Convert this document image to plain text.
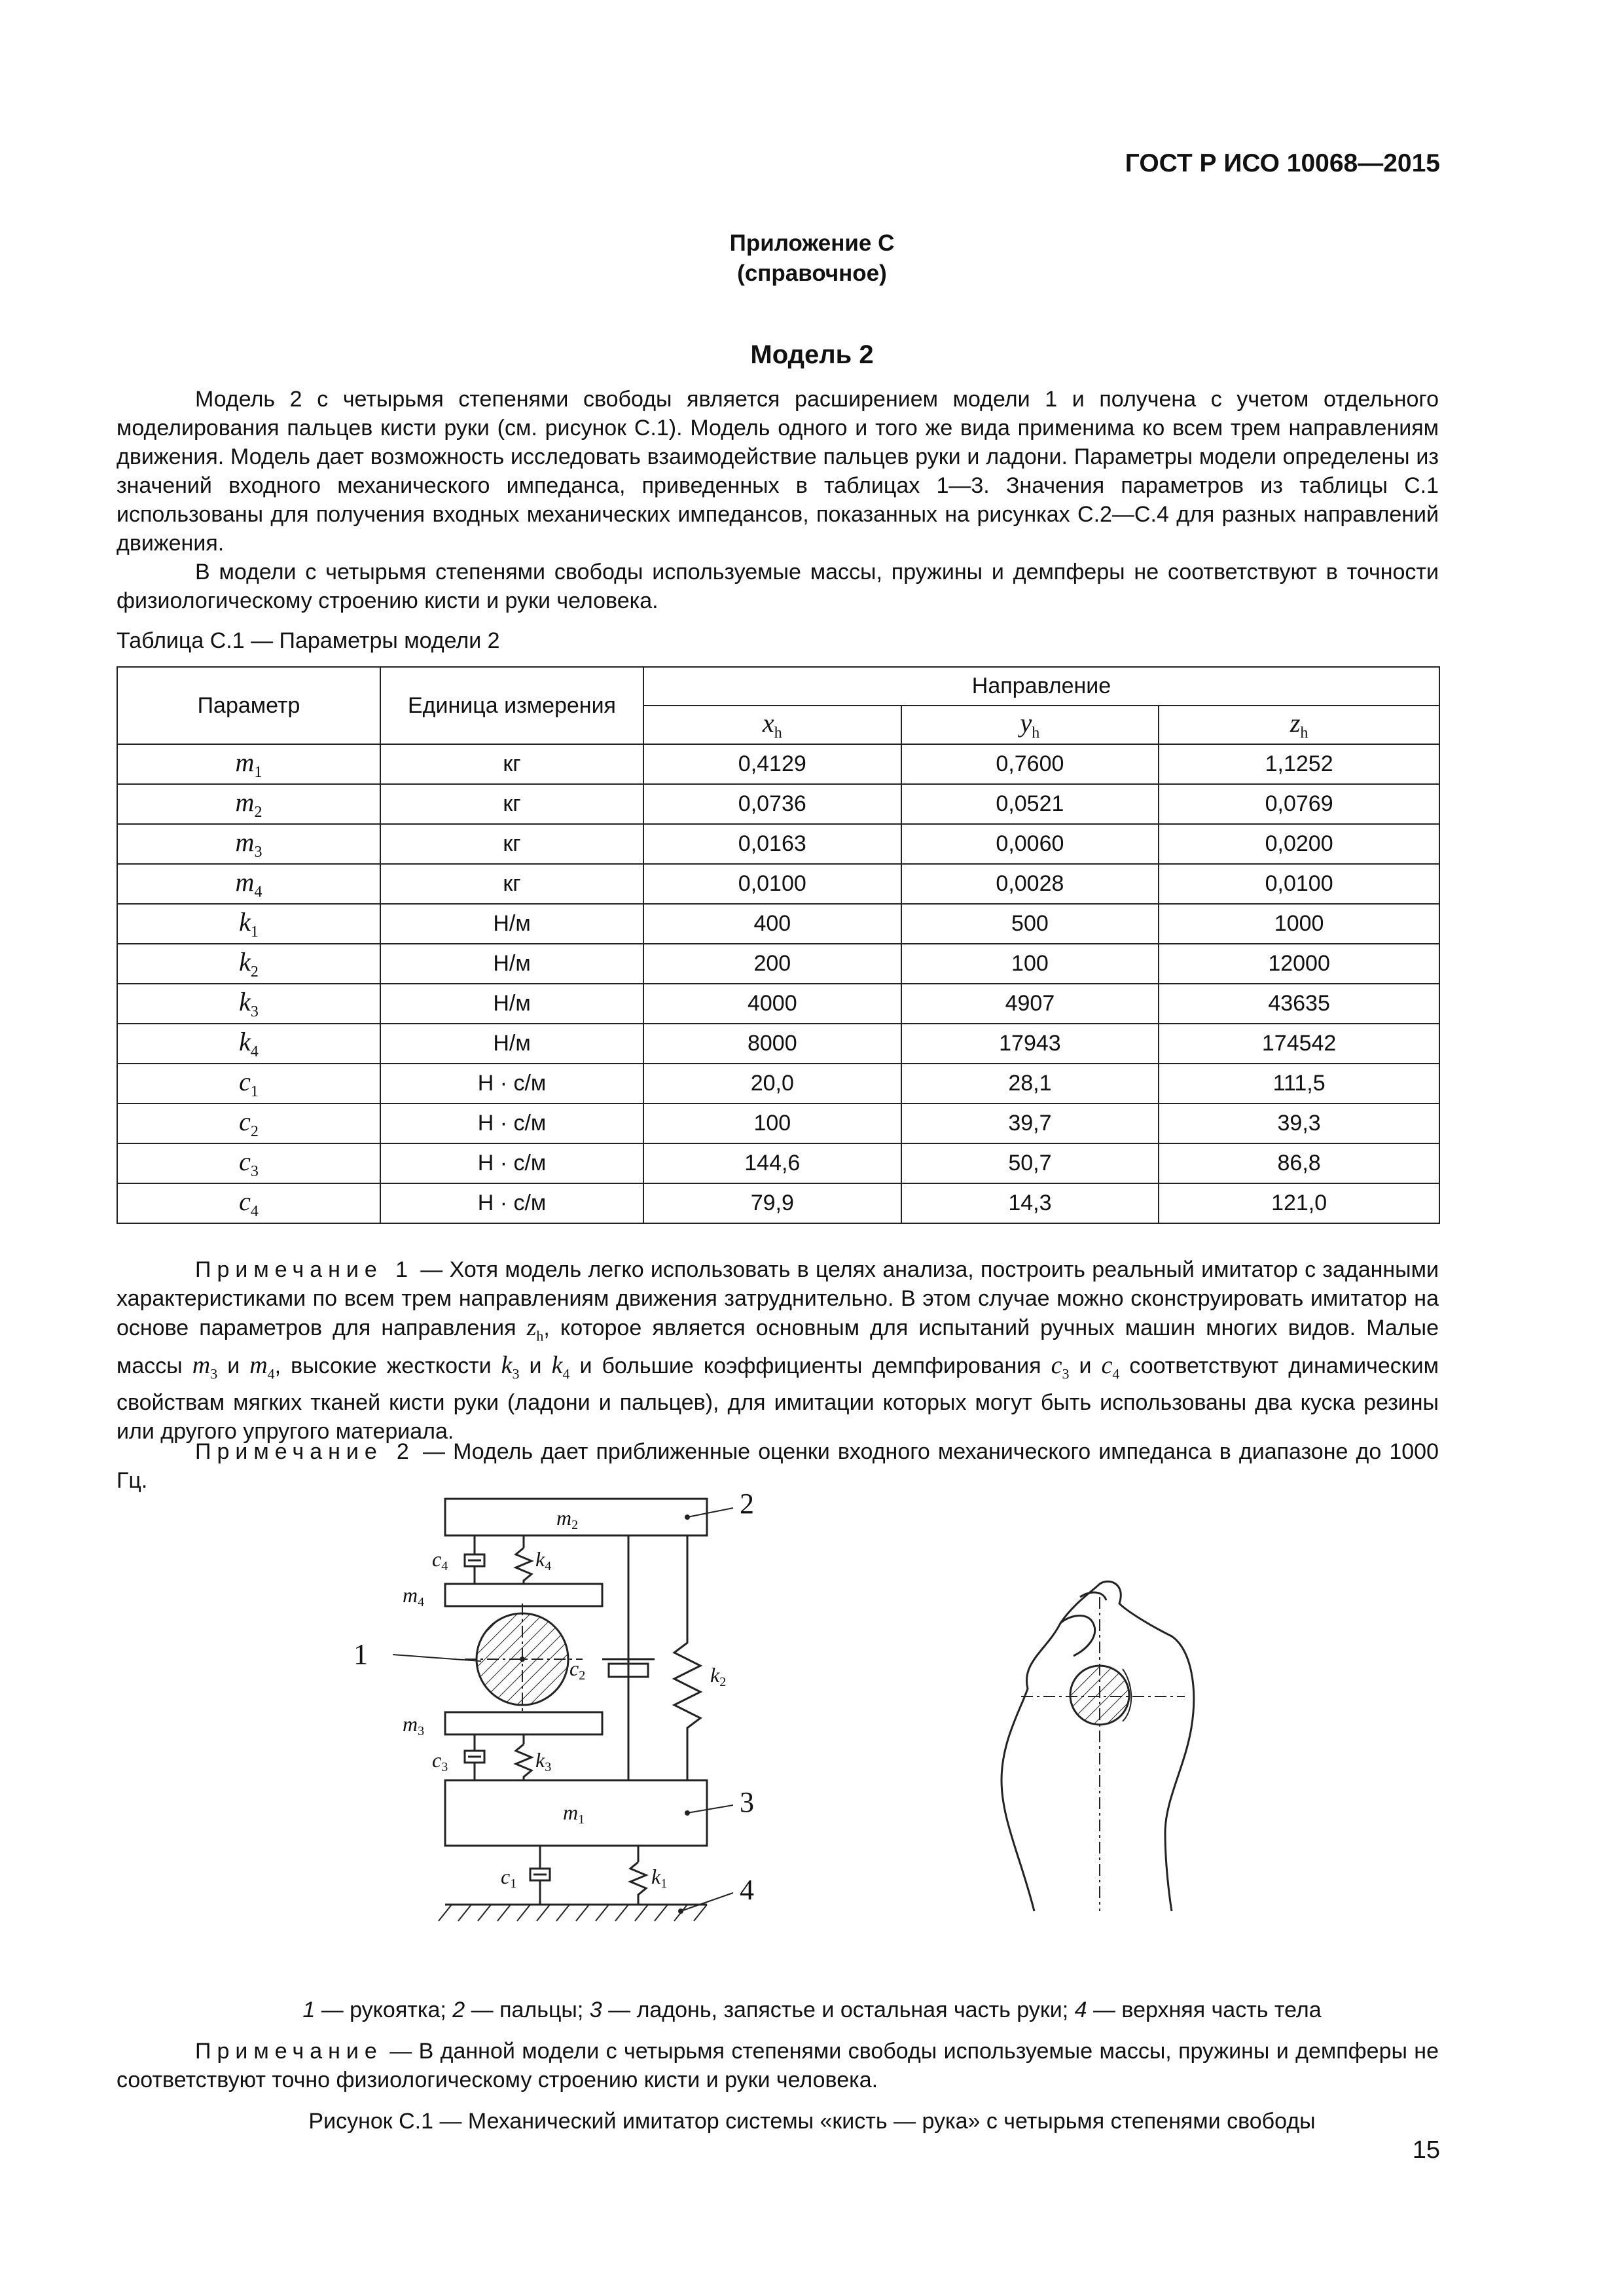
ГОСТ Р ИСО 10068—2015
Приложение С
(справочное)
Модель 2
Модель 2 с четырьмя степенями свободы является расширением модели 1 и получена с учетом отдельного моделирования пальцев кисти руки (см. рисунок С.1). Модель одного и того же вида применима ко всем трем направлениям движения. Модель дает возможность исследовать взаимодействие пальцев руки и ладони. Параметры модели определены из значений входного механического импеданса, приведенных в таблицах 1—3. Значения параметров из таблицы С.1 использованы для получения входных механических импедансов, показанных на рисунках С.2—С.4 для разных направлений движения.
В модели с четырьмя степенями свободы используемые массы, пружины и демпферы не соответствуют в точности физиологическому строению кисти и руки человека.
Таблица С.1 — Параметры модели 2
Параметр	Единица измерения	Направление		
		$x_h$	$y_h$	$z_h$
$m_1$	кг	0,4129	0,7600	1,1252
$m_2$	кг	0,0736	0,0521	0,0769
$m_3$	кг	0,0163	0,0060	0,0200
$m_4$	кг	0,0100	0,0028	0,0100
$k_1$	Н/м	400	500	1000
$k_2$	Н/м	200	100	12000
$k_3$	Н/м	4000	4907	43635
$k_4$	Н/м	8000	17943	174542
$c_1$	Н · с/м	20,0	28,1	111,5
$c_2$	Н · с/м	100	39,7	39,3
$c_3$	Н · с/м	144,6	50,7	86,8
$c_4$	Н · с/м	79,9	14,3	121,0
Примечание 1 — Хотя модель легко использовать в целях анализа, построить реальный имитатор с заданными характеристиками по всем трем направлениям движения затруднительно. В этом случае можно сконструировать имитатор на основе параметров для направления $z_h$, которое является основным для испытаний ручных машин многих видов. Малые массы $m_3$ и $m_4$, высокие жесткости $k_3$ и $k_4$ и большие коэффициенты демпфирования $c_3$ и $c_4$ соответствуют динамическим свойствам мягких тканей кисти руки (ладони и пальцев), для имитации которых могут быть использованы два куска резины или другого упругого материала.
Примечание 2 — Модель дает приближенные оценки входного механического импеданса в диапазоне до 1000 Гц.
m2
c4	k4
m4
c2	k2
m3
c3	k3
m1
c1	k1
2
1
3
4
1 — рукоятка; 2 — пальцы; 3 — ладонь, запястье и остальная часть руки; 4 — верхняя часть тела
Примечание — В данной модели с четырьмя степенями свободы используемые массы, пружины и демпферы не соответствуют точно физиологическому строению кисти и руки человека.
Рисунок С.1 — Механический имитатор системы «кисть — рука» с четырьмя степенями свободы
15
